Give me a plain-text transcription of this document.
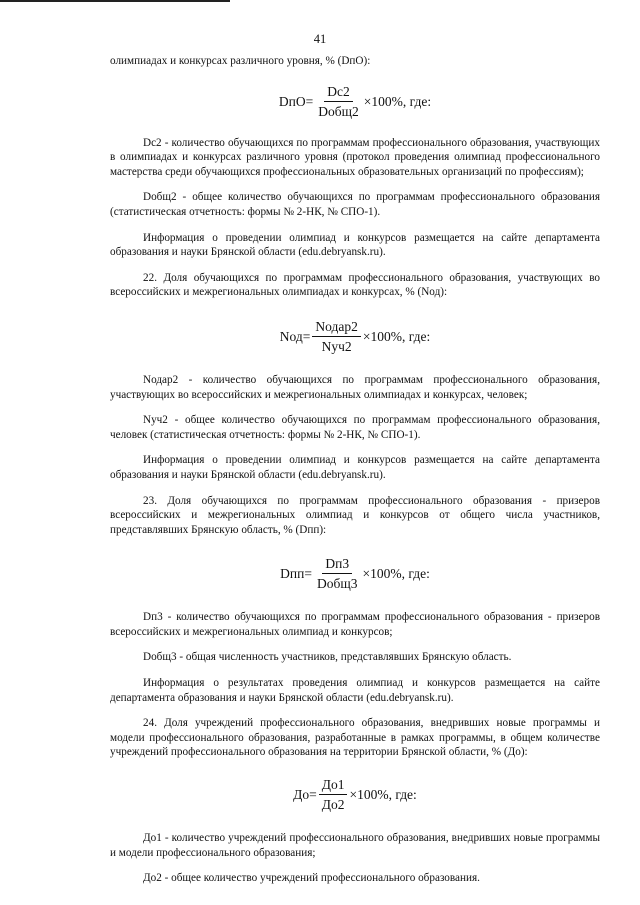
41

олимпиадах и конкурсах различного уровня, % (DпО):

$DпО= \frac{Dс2}{\text{Dобщ2}} \times 100\%$, где:

Dс2 - количество обучающихся по программам профессионального образования, участвующих в олимпиадах и конкурсах различного уровня (протокол проведения олимпиад профессионального мастерства среди обучающихся профессиональных образовательных организаций по профессиям);

Dобщ2 - общее количество обучающихся по программам профессионального образования (статистическая отчетность: формы № 2-НК, № СПО-1).

Информация о проведении олимпиад и конкурсов размещается на сайте департамента образования и науки Брянской области (edu.debryansk.ru).

22. Доля обучающихся по программам профессионального образования, участвующих во всероссийских и межрегиональных олимпиадах и конкурсах, % (Nод):

$Nод= \frac{\text{Nодар2}}{\text{Nуч2}} \times 100\%$, где:

Nодар2 - количество обучающихся по программам профессионального образования, участвующих во всероссийских и межрегиональных олимпиадах и конкурсах, человек;

Nуч2 - общее количество обучающихся по программам профессионального образования, человек (статистическая отчетность: формы № 2-НК, № СПО-1).

Информация о проведении олимпиад и конкурсов размещается на сайте департамента образования и науки Брянской области (edu.debryansk.ru).

23. Доля обучающихся по программам профессионального образования - призеров всероссийских и межрегиональных олимпиад и конкурсов от общего числа участников, представлявших Брянскую область, % (Dпп):

$Dпп= \frac{Dп3}{\text{Dобщ3}} \times 100\%$, где:

Dп3 - количество обучающихся по программам профессионального образования - призеров всероссийских и межрегиональных олимпиад и конкурсов;

Dобщ3 - общая численность участников, представлявших Брянскую область.

Информация о результатах проведения олимпиад и конкурсов размещается на сайте департамента образования и науки Брянской области (edu.debryansk.ru).

24. Доля учреждений профессионального образования, внедривших новые программы и модели профессионального образования, разработанные в рамках программы, в общем количестве учреждений профессионального образования на территории Брянской области, % (До):

$До= \frac{До1}{До2} \times 100\%$, где:

До1 - количество учреждений профессионального образования, внедривших новые программы и модели профессионального образования;

До2 - общее количество учреждений профессионального образования.
